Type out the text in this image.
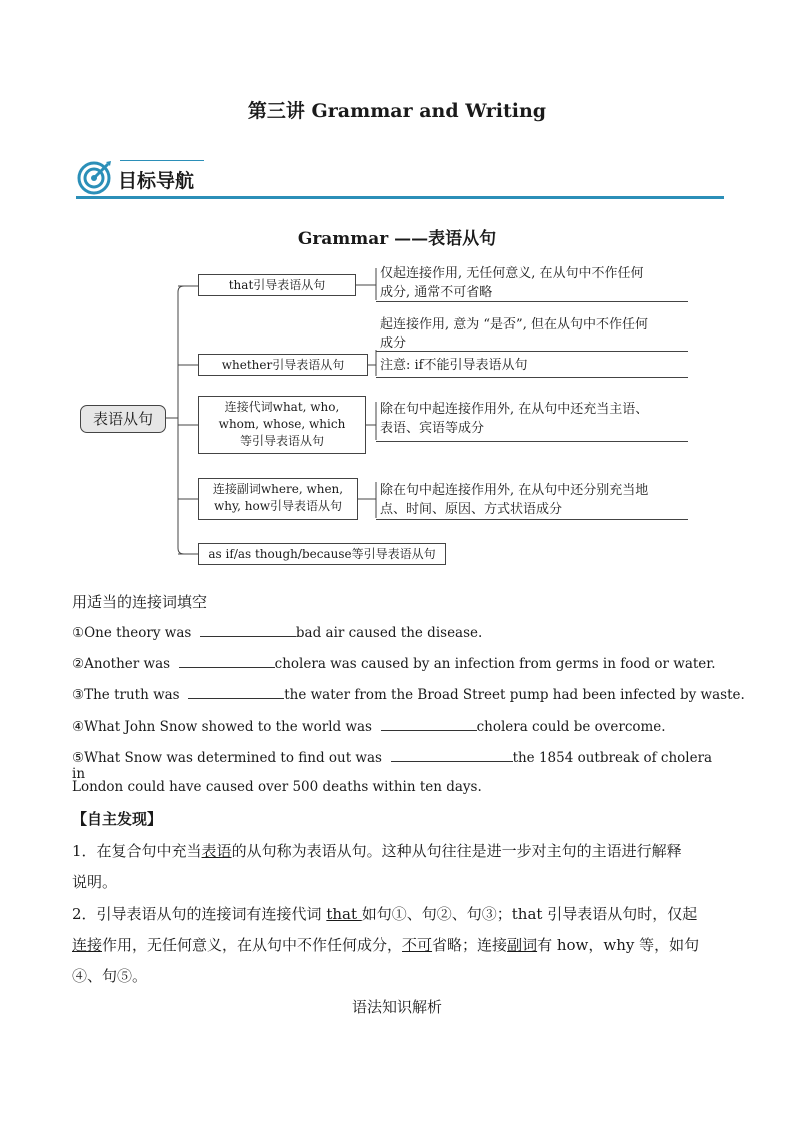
第三讲 Grammar and Writing
目标导航
Grammar ——表语从句
表语从句
that引导表语从句
仅起连接作用, 无任何意义, 在从句中不作任何
成分, 通常不可省略
起连接作用, 意为 “是否”, 但在从句中不作任何
成分
whether引导表语从句	注意: if不能引导表语从句
连接代词what, who,
whom, whose, which
等引导表语从句
除在句中起连接作用外, 在从句中还充当主语、
表语、宾语等成分
连接副词where, when,
why, how引导表语从句
除在句中起连接作用外, 在从句中还分别充当地
点、时间、原因、方式状语成分
as if/as though/because等引导表语从句
用适当的连接词填空
①One theory was	bad air caused the disease.
②Another was	cholera was caused by an infection from germs in food or water.
③The truth was	the water from the Broad Street pump had been infected by waste.
④What John Snow showed to the world was	cholera could be overcome.
⑤What Snow was determined to find out was	the 1854 outbreak of cholera in
London could have caused over 500 deaths within ten days.
【自主发现】
1．在复合句中充当表语的从句称为表语从句。这种从句往往是进一步对主句的主语进行解释
说明。
2．引导表语从句的连接词有连接代词 that 如句①、句②、句③；that 引导表语从句时，仅起
连接作用，无任何意义，在从句中不作任何成分，不可省略；连接副词有 how，why 等，如句
④、句⑤。
语法知识解析
